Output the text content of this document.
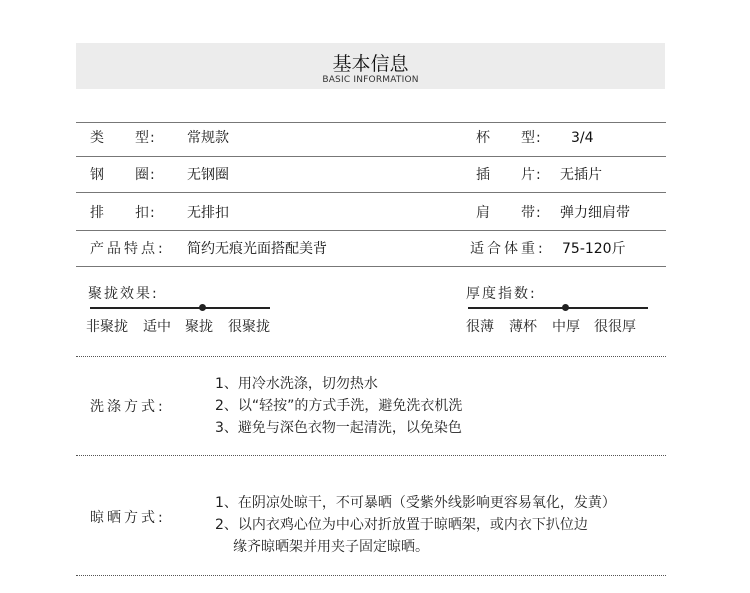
基本信息
BASIC INFORMATION
类　　型: 常规款	杯　　型: 3/4
钢　　圈: 无钢圈	插　　片: 无插片
排　　扣: 无排扣	肩　　带: 弹力细肩带
产品特点: 简约无痕光面搭配美背	适合体重: 75-120斤
聚拢效果:
非聚拢 适中 聚拢 很聚拢
厚度指数:
很薄 薄杯 中厚 很很厚
洗涤方式:
1、用冷水洗涤，切勿热水
2、以“轻按”的方式手洗，避免洗衣机洗
3、避免与深色衣物一起清洗，以免染色
晾晒方式:
1、在阴凉处晾干，不可暴晒（受紫外线影响更容易氧化，发黄）
2、以内衣鸡心位为中心对折放置于晾晒架，或内衣下扒位边
缘齐晾晒架并用夹子固定晾晒。
